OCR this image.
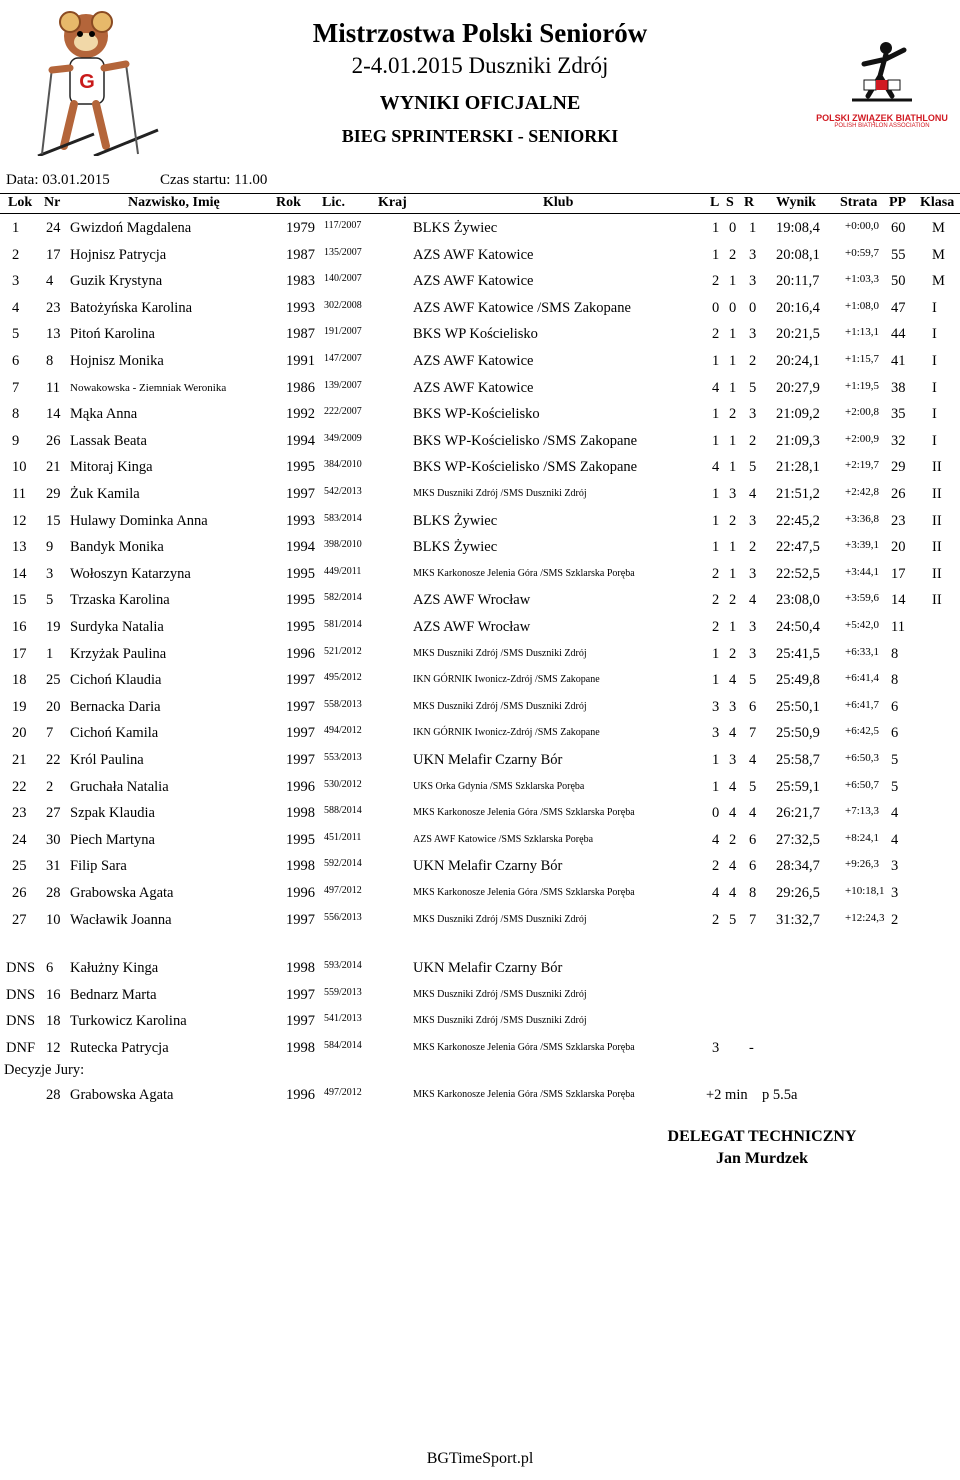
Mistrzostwa Polski Seniorów
2-4.01.2015 Duszniki Zdrój
WYNIKI OFICJALNE
BIEG SPRINTERSKI - SENIORKI
G
POLSKI ZWIĄZEK BIATHLONU
POLISH BIATHLON ASSOCIATION
Data: 03.01.2015	Czas startu: 11.00
Lok Nr	Nazwisko, Imię	Rok Lic. Kraj	Klub	L S R Wynik Strata PP Klasa
1 24 Gwizdoń Magdalena	1979 117/2007	BLKS Żywiec	1 0 1 19:08,4 +0:00,0 60 M
2 17 Hojnisz Patrycja	1987 135/2007	AZS AWF Katowice	1 2 3 20:08,1 +0:59,7 55 M
3 4 Guzik Krystyna	1983 140/2007	AZS AWF Katowice	2 1 3 20:11,7 +1:03,3 50 M
4 23 Batożyńska Karolina	1993 302/2008	AZS AWF Katowice /SMS Zakopane	0 0 0 20:16,4 +1:08,0 47 I
5 13 Pitoń Karolina	1987 191/2007	BKS WP Kościelisko	2 1 3 20:21,5 +1:13,1 44 I
6 8 Hojnisz Monika	1991 147/2007	AZS AWF Katowice	1 1 2 20:24,1 +1:15,7 41 I
7 11 Nowakowska - Ziemniak Weronika	1986 139/2007	AZS AWF Katowice	4 1 5 20:27,9 +1:19,5 38 I
8 14 Mąka Anna	1992 222/2007	BKS WP-Kościelisko	1 2 3 21:09,2 +2:00,8 35 I
9 26 Lassak Beata	1994 349/2009	BKS WP-Kościelisko /SMS Zakopane	1 1 2 21:09,3 +2:00,9 32 I
10 21 Mitoraj Kinga	1995 384/2010	BKS WP-Kościelisko /SMS Zakopane	4 1 5 21:28,1 +2:19,7 29 II
11 29 Żuk Kamila	1997 542/2013	MKS Duszniki Zdrój /SMS Duszniki Zdrój	1 3 4 21:51,2 +2:42,8 26 II
12 15 Hulawy Dominka Anna	1993 583/2014	BLKS Żywiec	1 2 3 22:45,2 +3:36,8 23 II
13 9 Bandyk Monika	1994 398/2010	BLKS Żywiec	1 1 2 22:47,5 +3:39,1 20 II
14 3 Wołoszyn Katarzyna	1995 449/2011	MKS Karkonosze Jelenia Góra /SMS Szklarska Poręba	2 1 3 22:52,5 +3:44,1 17 II
15 5 Trzaska Karolina	1995 582/2014	AZS AWF Wrocław	2 2 4 23:08,0 +3:59,6 14 II
16 19 Surdyka Natalia	1995 581/2014	AZS AWF Wrocław	2 1 3 24:50,4 +5:42,0 11
17 1 Krzyżak Paulina	1996 521/2012	MKS Duszniki Zdrój /SMS Duszniki Zdrój	1 2 3 25:41,5 +6:33,1 8
18 25 Cichoń Klaudia	1997 495/2012	IKN GÓRNIK Iwonicz-Zdrój /SMS Zakopane	1 4 5 25:49,8 +6:41,4 8
19 20 Bernacka Daria	1997 558/2013	MKS Duszniki Zdrój /SMS Duszniki Zdrój	3 3 6 25:50,1 +6:41,7 6
20 7 Cichoń Kamila	1997 494/2012	IKN GÓRNIK Iwonicz-Zdrój /SMS Zakopane	3 4 7 25:50,9 +6:42,5 6
21 22 Król Paulina	1997 553/2013	UKN Melafir Czarny Bór	1 3 4 25:58,7 +6:50,3 5
22 2 Gruchała Natalia	1996 530/2012	UKS Orka Gdynia /SMS Szklarska Poręba	1 4 5 25:59,1 +6:50,7 5
23 27 Szpak Klaudia	1998 588/2014	MKS Karkonosze Jelenia Góra /SMS Szklarska Poręba	0 4 4 26:21,7 +7:13,3 4
24 30 Piech Martyna	1995 451/2011	AZS AWF Katowice /SMS Szklarska Poręba	4 2 6 27:32,5 +8:24,1 4
25 31 Filip Sara	1998 592/2014	UKN Melafir Czarny Bór	2 4 6 28:34,7 +9:26,3 3
26 28 Grabowska Agata	1996 497/2012	MKS Karkonosze Jelenia Góra /SMS Szklarska Poręba	4 4 8 29:26,5 +10:18,1 3
27 10 Wacławik Joanna	1997 556/2013	MKS Duszniki Zdrój /SMS Duszniki Zdrój	2 5 7 31:32,7 +12:24,3 2
DNS 6 Kałużny Kinga	1998 593/2014	UKN Melafir Czarny Bór
DNS 16 Bednarz Marta	1997 559/2013	MKS Duszniki Zdrój /SMS Duszniki Zdrój
DNS 18 Turkowicz Karolina	1997 541/2013	MKS Duszniki Zdrój /SMS Duszniki Zdrój
DNF 12 Rutecka Patrycja	1998 584/2014	MKS Karkonosze Jelenia Góra /SMS Szklarska Poręba	3 -
Decyzje Jury:
28 Grabowska Agata	1996 497/2012	MKS Karkonosze Jelenia Góra /SMS Szklarska Poręba	+2 min p 5.5a
DELEGAT TECHNICZNY
Jan Murdzek
BGTimeSport.pl
